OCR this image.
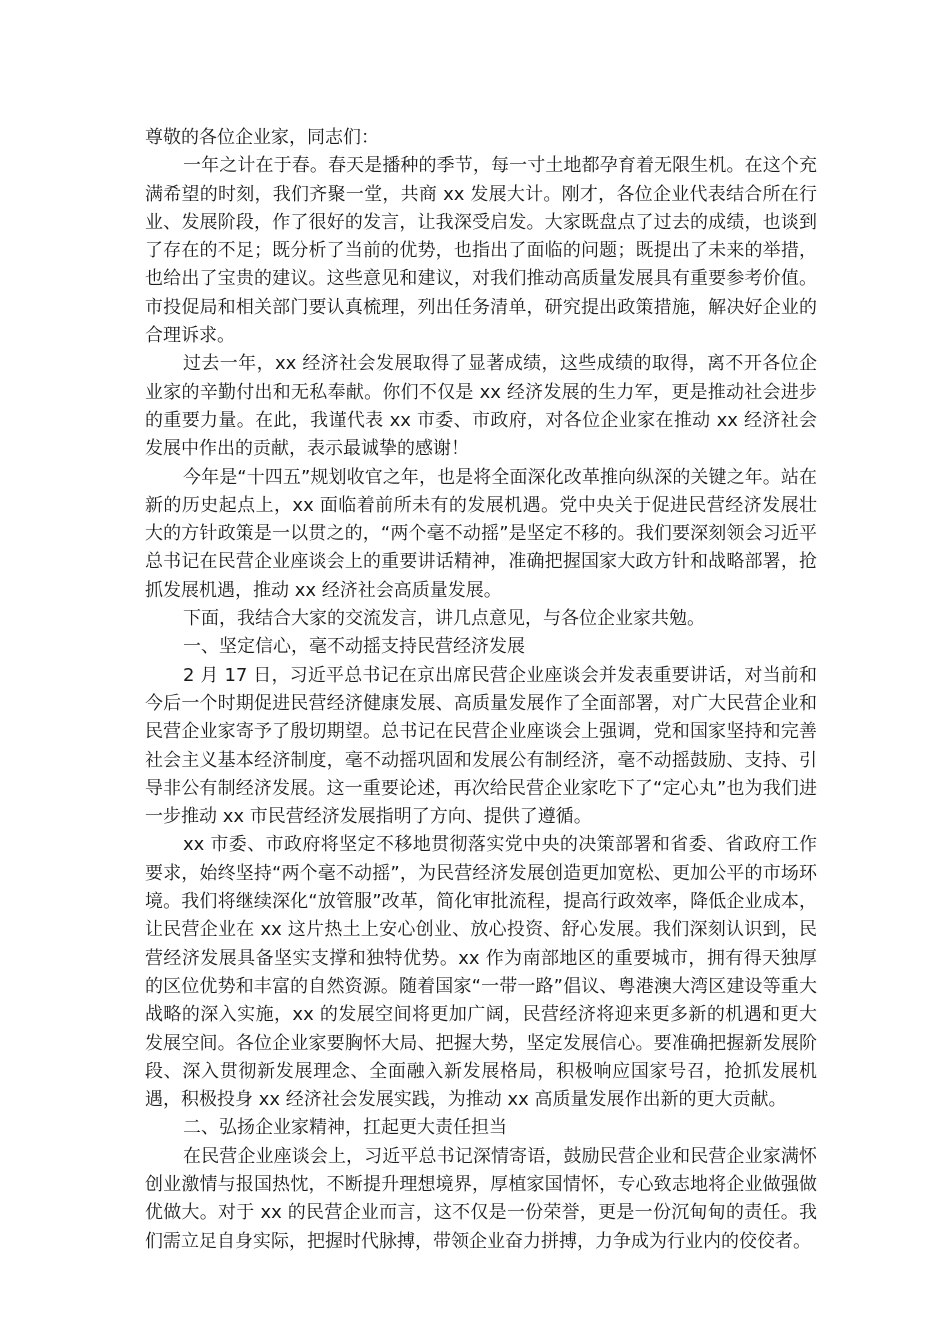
尊敬的各位企业家，同志们：

一年之计在于春。春天是播种的季节，每一寸土地都孕育着无限生机。在这个充满希望的时刻，我们齐聚一堂，共商 xx 发展大计。刚才，各位企业代表结合所在行业、发展阶段，作了很好的发言，让我深受启发。大家既盘点了过去的成绩，也谈到了存在的不足；既分析了当前的优势，也指出了面临的问题；既提出了未来的举措，也给出了宝贵的建议。这些意见和建议，对我们推动高质量发展具有重要参考价值。市投促局和相关部门要认真梳理，列出任务清单，研究提出政策措施，解决好企业的合理诉求。

过去一年，xx 经济社会发展取得了显著成绩，这些成绩的取得，离不开各位企业家的辛勤付出和无私奉献。你们不仅是 xx 经济发展的生力军，更是推动社会进步的重要力量。在此，我谨代表 xx 市委、市政府，对各位企业家在推动 xx 经济社会发展中作出的贡献，表示最诚挚的感谢！

今年是“十四五”规划收官之年，也是将全面深化改革推向纵深的关键之年。站在新的历史起点上，xx 面临着前所未有的发展机遇。党中央关于促进民营经济发展壮大的方针政策是一以贯之的，“两个毫不动摇”是坚定不移的。我们要深刻领会习近平总书记在民营企业座谈会上的重要讲话精神，准确把握国家大政方针和战略部署，抢抓发展机遇，推动 xx 经济社会高质量发展。

下面，我结合大家的交流发言，讲几点意见，与各位企业家共勉。

一、坚定信心，毫不动摇支持民营经济发展

2 月 17 日，习近平总书记在京出席民营企业座谈会并发表重要讲话，对当前和今后一个时期促进民营经济健康发展、高质量发展作了全面部署，对广大民营企业和民营企业家寄予了殷切期望。总书记在民营企业座谈会上强调，党和国家坚持和完善社会主义基本经济制度，毫不动摇巩固和发展公有制经济，毫不动摇鼓励、支持、引导非公有制经济发展。这一重要论述，再次给民营企业家吃下了“定心丸”也为我们进一步推动 xx 市民营经济发展指明了方向、提供了遵循。

xx 市委、市政府将坚定不移地贯彻落实党中央的决策部署和省委、省政府工作要求，始终坚持“两个毫不动摇”，为民营经济发展创造更加宽松、更加公平的市场环境。我们将继续深化“放管服”改革，简化审批流程，提高行政效率，降低企业成本，让民营企业在 xx 这片热土上安心创业、放心投资、舒心发展。我们深刻认识到，民营经济发展具备坚实支撑和独特优势。xx 作为南部地区的重要城市，拥有得天独厚的区位优势和丰富的自然资源。随着国家“一带一路”倡议、粤港澳大湾区建设等重大战略的深入实施，xx 的发展空间将更加广阔，民营经济将迎来更多新的机遇和更大发展空间。各位企业家要胸怀大局、把握大势，坚定发展信心。要准确把握新发展阶段、深入贯彻新发展理念、全面融入新发展格局，积极响应国家号召，抢抓发展机遇，积极投身 xx 经济社会发展实践，为推动 xx 高质量发展作出新的更大贡献。

二、弘扬企业家精神，扛起更大责任担当

在民营企业座谈会上，习近平总书记深情寄语，鼓励民营企业和民营企业家满怀创业激情与报国热忱，不断提升理想境界，厚植家国情怀，专心致志地将企业做强做优做大。对于 xx 的民营企业而言，这不仅是一份荣誉，更是一份沉甸甸的责任。我们需立足自身实际，把握时代脉搏，带领企业奋力拼搏，力争成为行业内的佼佼者。
